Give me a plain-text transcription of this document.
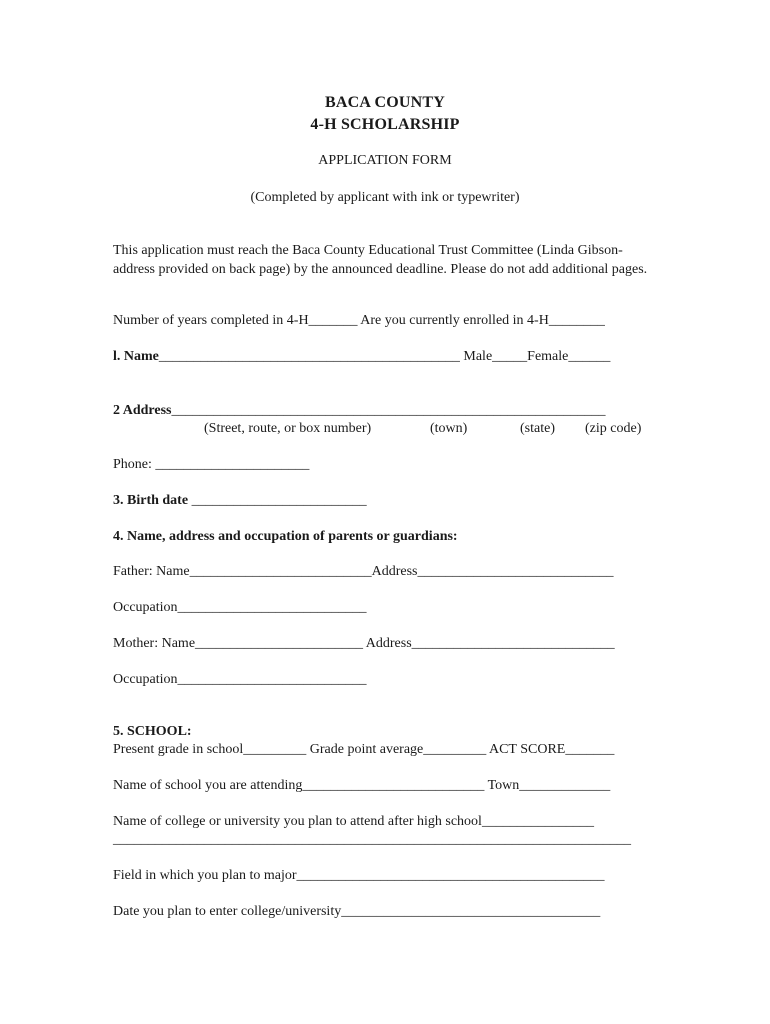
BACA COUNTY
4-H SCHOLARSHIP
APPLICATION FORM
(Completed by applicant with ink or typewriter)
This application must reach the Baca County Educational Trust Committee (Linda Gibson-address provided on back page) by the announced deadline. Please do not add additional pages.
Number of years completed in 4-H_______ Are you currently enrolled in 4-H________
l. Name___________________________________________ Male_____Female______
2 Address______________________________________________________________
(Street, route, or box number)	(town)	(state) (zip code)
Phone: ______________________
3. Birth date _________________________
4. Name, address and occupation of parents or guardians:
Father: Name__________________________Address____________________________
Occupation___________________________
Mother: Name________________________ Address_____________________________
Occupation___________________________
5. SCHOOL:
Present grade in school_________ Grade point average_________ ACT SCORE_______
Name of school you are attending__________________________ Town_____________
Name of college or university you plan to attend after high school________________
__________________________________________________________________________
Field in which you plan to major____________________________________________
Date you plan to enter college/university_____________________________________
